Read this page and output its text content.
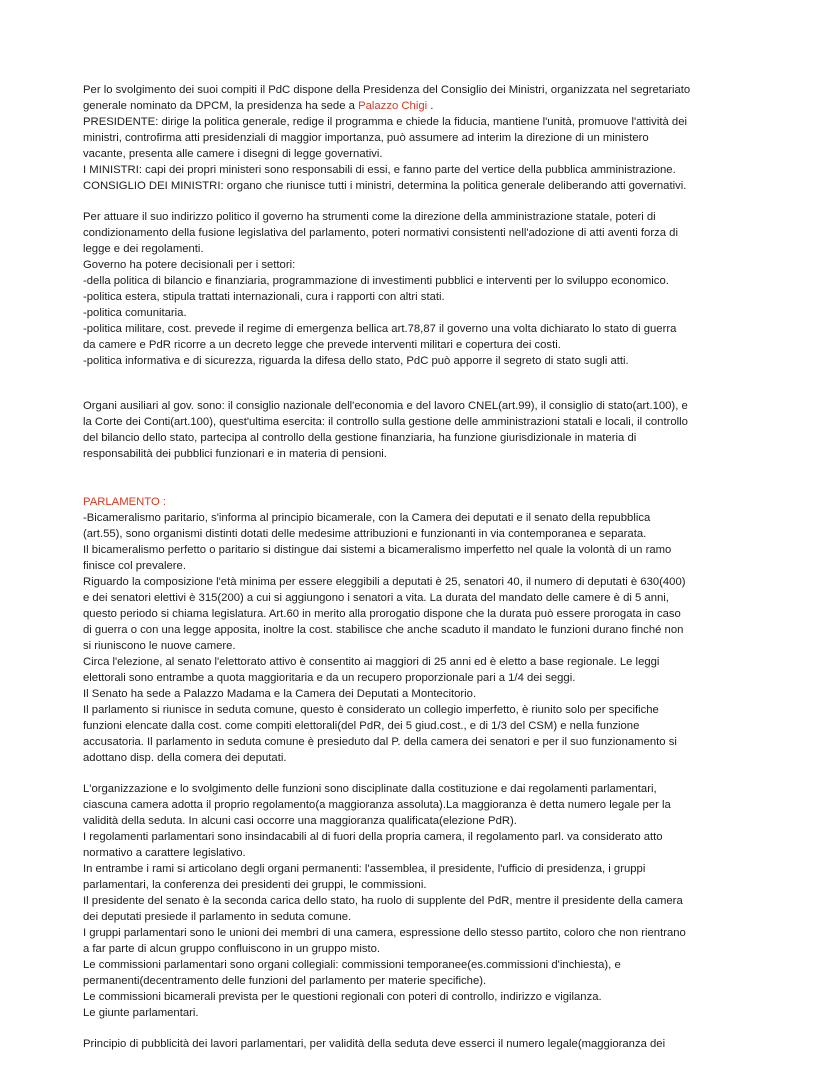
Per lo svolgimento dei suoi compiti il PdC dispone della Presidenza del Consiglio dei Ministri, organizzata nel segretariato
generale nominato da DPCM, la presidenza ha sede a Palazzo Chigi .
PRESIDENTE: dirige la politica generale, redige il programma e chiede la fiducia, mantiene l'unità, promuove l'attività dei
ministri, controfirma atti presidenziali di maggior importanza, può assumere ad interim la direzione di un ministero
vacante, presenta alle camere i disegni di legge governativi.
I MINISTRI: capi dei propri ministeri sono responsabili di essi, e fanno parte del vertice della pubblica amministrazione.
CONSIGLIO DEI MINISTRI: organo che riunisce tutti i ministri, determina la politica generale deliberando atti governativi.
Per attuare il suo indirizzo politico il governo ha strumenti come la direzione della amministrazione statale, poteri di
condizionamento della fusione legislativa del parlamento, poteri normativi consistenti nell'adozione di atti aventi forza di
legge e dei regolamenti.
Governo ha potere decisionali per i settori:
-della politica di bilancio e finanziaria, programmazione di investimenti pubblici e interventi per lo sviluppo economico.
-politica estera, stipula trattati internazionali, cura i rapporti con altri stati.
-politica comunitaria.
-politica militare, cost. prevede il regime di emergenza bellica art.78,87 il governo una volta dichiarato lo stato di guerra
da camere e PdR ricorre a un decreto legge che prevede interventi militari e copertura dei costi.
-politica informativa e di sicurezza, riguarda la difesa dello stato, PdC può apporre il segreto di stato sugli atti.
Organi ausiliari al gov. sono: il consiglio nazionale dell'economia e del lavoro CNEL(art.99), il consiglio di stato(art.100), e
la Corte dei Conti(art.100), quest'ultima esercita: il controllo sulla gestione delle amministrazioni statali e locali, il controllo
del bilancio dello stato, partecipa al controllo della gestione finanziaria, ha funzione giurisdizionale in materia di
responsabilità dei pubblici funzionari e in materia di pensioni.
PARLAMENTO :
-Bicameralismo paritario, s'informa al principio bicamerale, con la Camera dei deputati e il senato della repubblica
(art.55), sono organismi distinti dotati delle medesime attribuzioni e funzionanti in via contemporanea e separata.
Il bicameralismo perfetto o paritario si distingue dai sistemi a bicameralismo imperfetto nel quale la volontà di un ramo
finisce col prevalere.
Riguardo la composizione l'età minima per essere eleggibili a deputati è 25, senatori 40, il numero di deputati è 630(400)
e dei senatori elettivi è 315(200) a cui si aggiungono i senatori a vita. La durata del mandato delle camere è di 5 anni,
questo periodo si chiama legislatura. Art.60 in merito alla prorogatio dispone che la durata può essere prorogata in caso
di guerra o con una legge apposita, inoltre la cost. stabilisce che anche scaduto il mandato le funzioni durano finché non
si riuniscono le nuove camere.
Circa l'elezione, al senato l'elettorato attivo è consentito ai maggiori di 25 anni ed è eletto a base regionale. Le leggi
elettorali sono entrambe a quota maggioritaria e da un recupero proporzionale pari a 1/4 dei seggi.
Il Senato ha sede a Palazzo Madama e la Camera dei Deputati a Montecitorio.
Il parlamento si riunisce in seduta comune, questo è considerato un collegio imperfetto, è riunito solo per specifiche
funzioni elencate dalla cost. come compiti elettorali(del PdR, dei 5 giud.cost., e di 1/3 del CSM) e nella funzione
accusatoria. Il parlamento in seduta comune è presieduto dal P. della camera dei senatori e per il suo funzionamento si
adottano disp. della comera dei deputati.
L'organizzazione e lo svolgimento delle funzioni sono disciplinate dalla costituzione e dai regolamenti parlamentari,
ciascuna camera adotta il proprio regolamento(a maggioranza assoluta).La maggioranza è detta numero legale per la
validità della seduta. In alcuni casi occorre una maggioranza qualificata(elezione PdR).
I regolamenti parlamentari sono insindacabili al di fuori della propria camera, il regolamento parl. va considerato atto
normativo a carattere legislativo.
In entrambe i rami si articolano degli organi permanenti: l'assemblea, il presidente, l'ufficio di presidenza, i gruppi
parlamentari, la conferenza dei presidenti dei gruppi, le commissioni.
Il presidente del senato è la seconda carica dello stato, ha ruolo di supplente del PdR, mentre il presidente della camera
dei deputati presiede il parlamento in seduta comune.
I gruppi parlamentari sono le unioni dei membri di una camera, espressione dello stesso partito, coloro che non rientrano
a far parte di alcun gruppo confluiscono in un gruppo misto.
Le commissioni parlamentari sono organi collegiali: commissioni temporanee(es.commissioni d'inchiesta), e
permanenti(decentramento delle funzioni del parlamento per materie specifiche).
Le commissioni bicamerali prevista per le questioni regionali con poteri di controllo, indirizzo e vigilanza.
Le giunte parlamentari.
Principio di pubblicità dei lavori parlamentari, per validità della seduta deve esserci il numero legale(maggioranza dei
